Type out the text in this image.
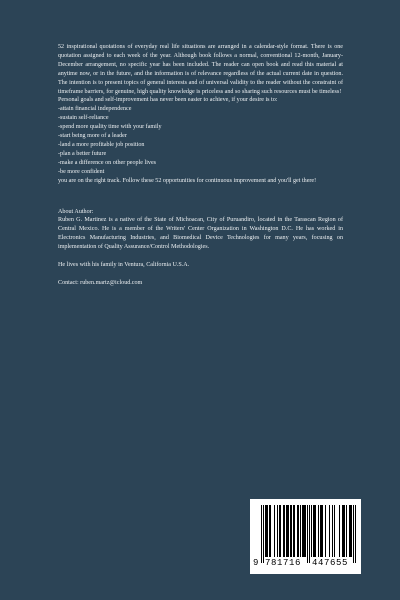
52 inspirational quotations of everyday real life situations are arranged in a calendar-style format. There is one quotation assigned to each week of the year. Although book follows a normal, conventional 12-month, January-December arrangement, no specific year has been included. The reader can open book and read this material at anytime now, or in the future, and the information is of relevance regardless of the actual current date in question. The intention is to present topics of general interests and of universal validity to the reader without the constraint of timeframe barriers, for genuine, high quality knowledge is priceless and so sharing such resources must be timeless!

Personal goals and self-improvement has never been easier to achieve, if your desire is to:

-attain financial independence
-sustain self-reliance
-spend more quality time with your family
-start being more of a leader
-land a more profitable job position
-plan a better future
-make a difference on other people lives
-be more confident

you are on the right track. Follow these 52 opportunities for continuous improvement and you'll get there!

About Author:

Ruben G. Martinez is a native of the State of Michoacan, City of Puruandiro, located in the Tarascan Region of Central Mexico. He is a member of the Writers' Center Organization in Washington D.C. He has worked in Electronics Manufacturing Industries, and Biomedical Device Technologies for many years, focusing on implementation of Quality Assurance/Control Methodologies.

He lives with his family in Ventura, California U.S.A.

Contact: ruben.martz@icloud.com

9 781716 447655
